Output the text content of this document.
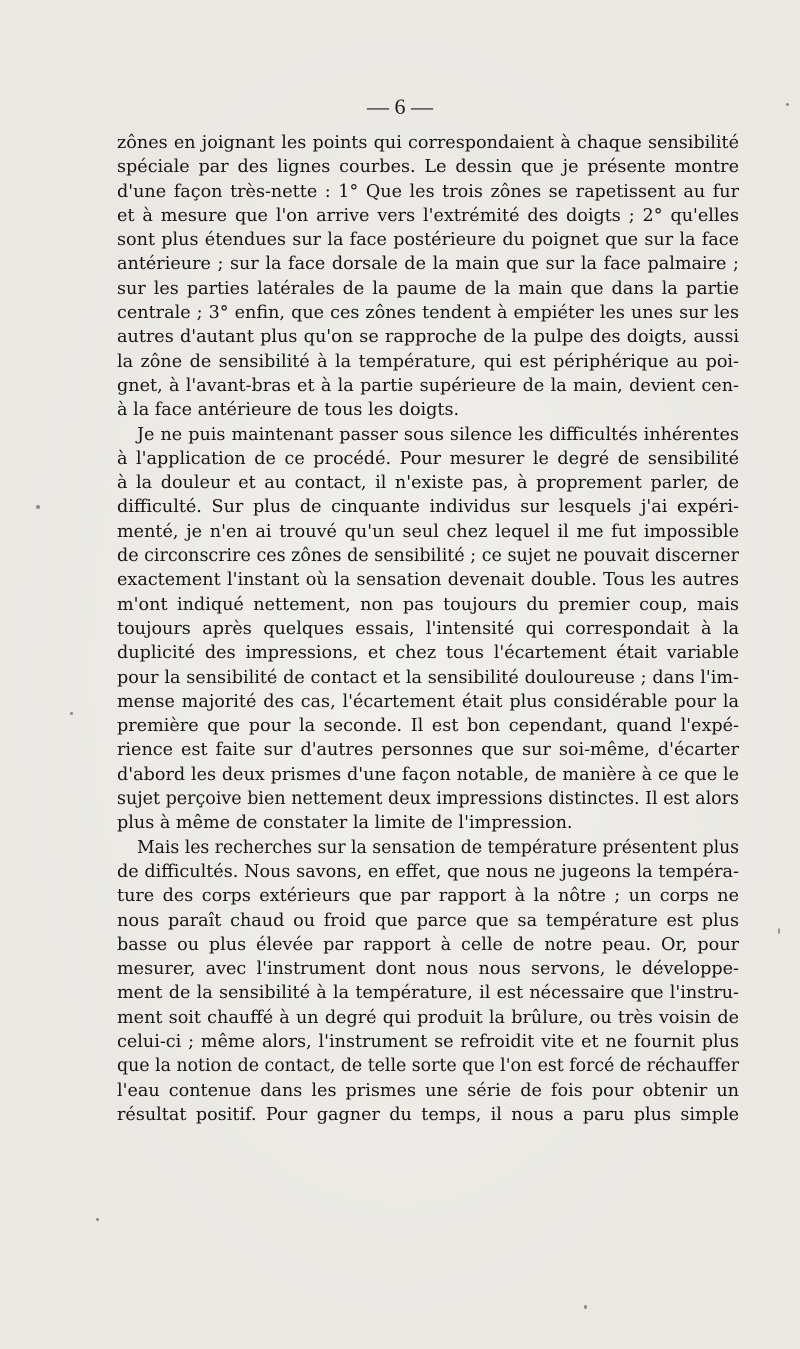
— 6 —
zônes en joignant les points qui correspondaient à chaque sensibilité
spéciale par des lignes courbes. Le dessin que je présente montre
d'une façon très-nette : 1° Que les trois zônes se rapetissent au fur
et à mesure que l'on arrive vers l'extrémité des doigts ; 2° qu'elles
sont plus étendues sur la face postérieure du poignet que sur la face
antérieure ; sur la face dorsale de la main que sur la face palmaire ;
sur les parties latérales de la paume de la main que dans la partie
centrale ; 3° enfin, que ces zônes tendent à empiéter les unes sur les
autres d'autant plus qu'on se rapproche de la pulpe des doigts, aussi
la zône de sensibilité à la température, qui est périphérique au poi-
gnet, à l'avant-bras et à la partie supérieure de la main, devient cen-
à la face antérieure de tous les doigts.
Je ne puis maintenant passer sous silence les difficultés inhérentes
à l'application de ce procédé. Pour mesurer le degré de sensibilité
à la douleur et au contact, il n'existe pas, à proprement parler, de
difficulté. Sur plus de cinquante individus sur lesquels j'ai expéri-
menté, je n'en ai trouvé qu'un seul chez lequel il me fut impossible
de circonscrire ces zônes de sensibilité ; ce sujet ne pouvait discerner
exactement l'instant où la sensation devenait double. Tous les autres
m'ont indiqué nettement, non pas toujours du premier coup, mais
toujours après quelques essais, l'intensité qui correspondait à la
duplicité des impressions, et chez tous l'écartement était variable
pour la sensibilité de contact et la sensibilité douloureuse ; dans l'im-
mense majorité des cas, l'écartement était plus considérable pour la
première que pour la seconde. Il est bon cependant, quand l'expé-
rience est faite sur d'autres personnes que sur soi-même, d'écarter
d'abord les deux prismes d'une façon notable, de manière à ce que le
sujet perçoive bien nettement deux impressions distinctes. Il est alors
plus à même de constater la limite de l'impression.
Mais les recherches sur la sensation de température présentent plus
de difficultés. Nous savons, en effet, que nous ne jugeons la tempéra-
ture des corps extérieurs que par rapport à la nôtre ; un corps ne
nous paraît chaud ou froid que parce que sa température est plus
basse ou plus élevée par rapport à celle de notre peau. Or, pour
mesurer, avec l'instrument dont nous nous servons, le développe-
ment de la sensibilité à la température, il est nécessaire que l'instru-
ment soit chauffé à un degré qui produit la brûlure, ou très voisin de
celui-ci ; même alors, l'instrument se refroidit vite et ne fournit plus
que la notion de contact, de telle sorte que l'on est forcé de réchauffer
l'eau contenue dans les prismes une série de fois pour obtenir un
résultat positif. Pour gagner du temps, il nous a paru plus simple
